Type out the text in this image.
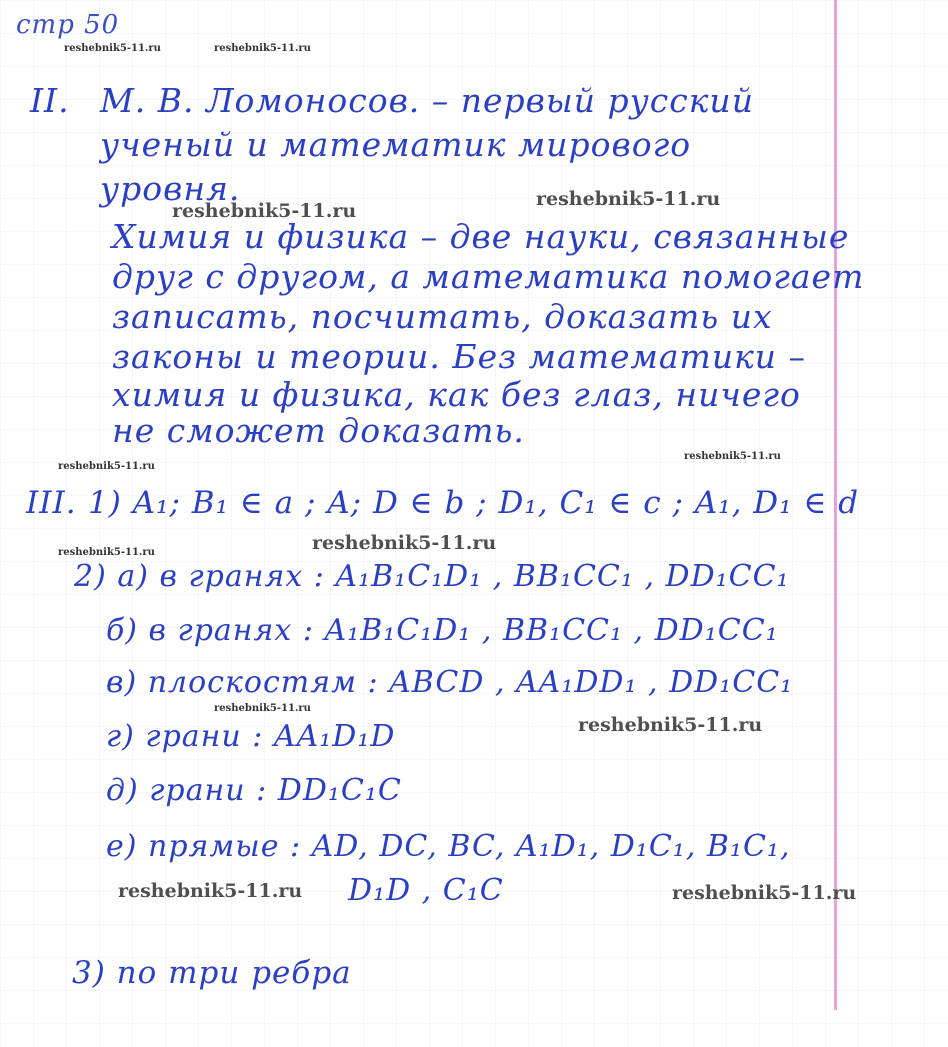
стр 50
II. М. В. Ломоносов. – первый русский
ученый и математик мирового
уровня.
Химия и физика – две науки, связанные
друг с другом, а математика помогает
записать, посчитать, доказать их
законы и теории. Без математики –
химия и физика, как без глаз, ничего
не сможет доказать.
III. 1) A₁; B₁ ∈ a ; A; D ∈ b ; D₁, C₁ ∈ c ; A₁, D₁ ∈ d
2) а) в гранях : A₁B₁C₁D₁ , BB₁CC₁ , DD₁CC₁
б) в гранях : A₁B₁C₁D₁ , BB₁CC₁ , DD₁CC₁
в) плоскостям : ABCD , AA₁DD₁ , DD₁CC₁
г) грани : AA₁D₁D
д) грани : DD₁C₁C
е) прямые : AD, DC, BC, A₁D₁, D₁C₁, B₁C₁,
D₁D , C₁C
3) по три ребра
reshebnik5-11.ru	reshebnik5-11.ru
reshebnik5-11.ru
reshebnik5-11.ru
reshebnik5-11.ru
reshebnik5-11.ru
reshebnik5-11.ru
reshebnik5-11.ru
reshebnik5-11.ru
reshebnik5-11.ru
reshebnik5-11.ru	reshebnik5-11.ru
